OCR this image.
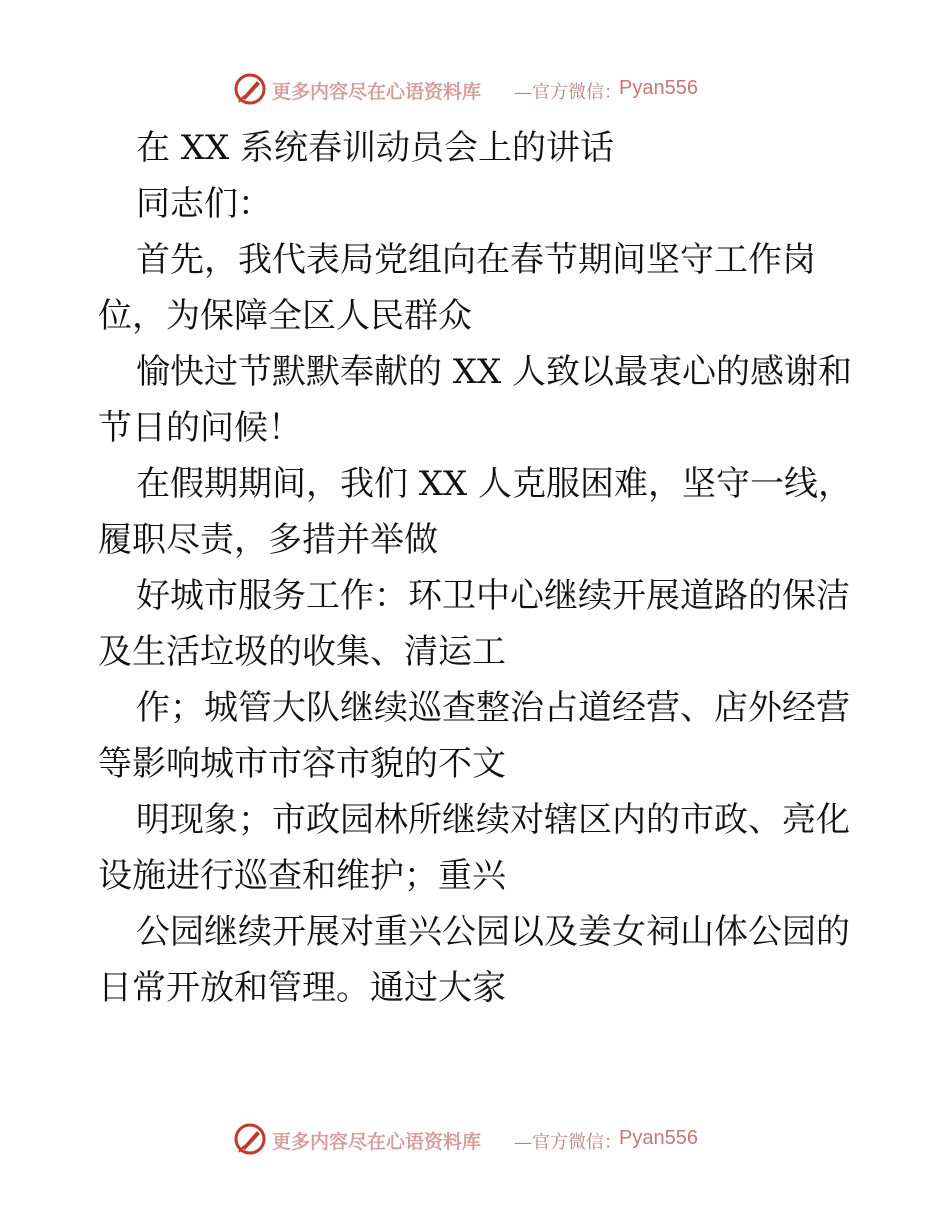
更多内容尽在心语资料库 —官方微信：
Pyan556

在 XX 系统春训动员会上的讲话

同志们：

首先，我代表局党组向在春节期间坚守工作岗

位，为保障全区人民群众

愉快过节默默奉献的 XX 人致以最衷心的感谢和

节日的问候！

在假期期间，我们 XX 人克服困难，坚守一线，

履职尽责，多措并举做

好城市服务工作：环卫中心继续开展道路的保洁

及生活垃圾的收集、清运工

作；城管大队继续巡查整治占道经营、店外经营

等影响城市市容市貌的不文

明现象；市政园林所继续对辖区内的市政、亮化

设施进行巡查和维护；重兴

公园继续开展对重兴公园以及姜女祠山体公园的

日常开放和管理。通过大家

更多内容尽在心语资料库 —官方微信：
Pyan556
